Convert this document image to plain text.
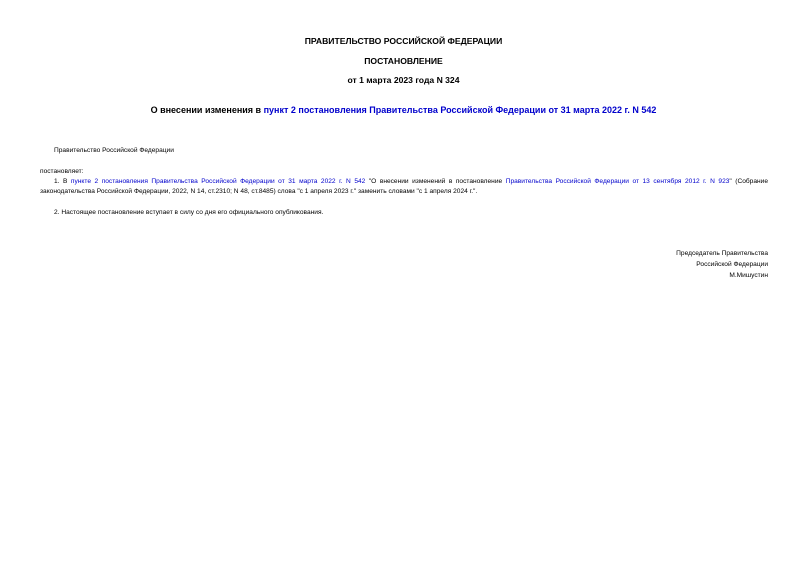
ПРАВИТЕЛЬСТВО РОССИЙСКОЙ ФЕДЕРАЦИИ
ПОСТАНОВЛЕНИЕ
от 1 марта 2023 года N 324
О внесении изменения в пункт 2 постановления Правительства Российской Федерации от 31 марта 2022 г. N 542
Правительство Российской Федерации
постановляет:
1. В пункте 2 постановления Правительства Российской Федерации от 31 марта 2022 г. N 542 "О внесении изменений в постановление Правительства Российской Федерации от 13 сентября 2012 г. N 923" (Собрание законодательства Российской Федерации, 2022, N 14, ст.2310; N 48, ст.8485) слова "с 1 апреля 2023 г." заменить словами "с 1 апреля 2024 г.".
2. Настоящее постановление вступает в силу со дня его официального опубликования.
Председатель Правительства
Российской Федерации
М.Мишустин
